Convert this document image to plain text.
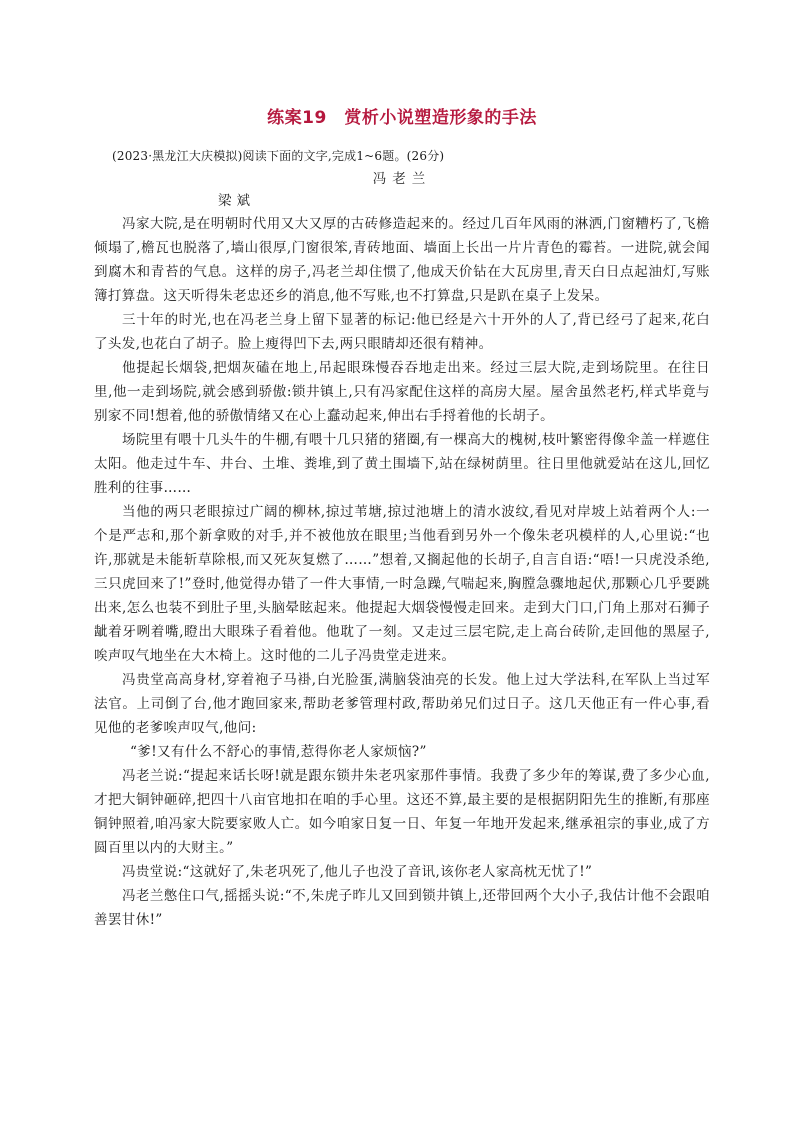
练案19　赏析小说塑造形象的手法
(2023·黑龙江大庆模拟)阅读下面的文字,完成1~6题。(26分)
冯老兰
梁斌

冯家大院,是在明朝时代用又大又厚的古砖修造起来的。经过几百年风雨的淋洒,门窗糟朽了,飞檐倾塌了,檐瓦也脱落了,墙山很厚,门窗很笨,青砖地面、墙面上长出一片片青色的霉苔。一进院,就会闻到腐木和青苔的气息。这样的房子,冯老兰却住惯了,他成天价钻在大瓦房里,青天白日点起油灯,写账簿打算盘。这天听得朱老忠还乡的消息,他不写账,也不打算盘,只是趴在桌子上发呆。

三十年的时光,也在冯老兰身上留下显著的标记:他已经是六十开外的人了,背已经弓了起来,花白了头发,也花白了胡子。脸上瘦得凹下去,两只眼睛却还很有精神。

他提起长烟袋,把烟灰磕在地上,吊起眼珠慢吞吞地走出来。经过三层大院,走到场院里。在往日里,他一走到场院,就会感到骄傲:锁井镇上,只有冯家配住这样的高房大屋。屋舍虽然老朽,样式毕竟与别家不同!想着,他的骄傲情绪又在心上蠢动起来,伸出右手捋着他的长胡子。

场院里有喂十几头牛的牛棚,有喂十几只猪的猪圈,有一棵高大的槐树,枝叶繁密得像伞盖一样遮住太阳。他走过牛车、井台、土堆、粪堆,到了黄土围墙下,站在绿树荫里。往日里他就爱站在这儿,回忆胜利的往事……

当他的两只老眼掠过广阔的柳林,掠过苇塘,掠过池塘上的清水波纹,看见对岸坡上站着两个人:一个是严志和,那个新拿败的对手,并不被他放在眼里;当他看到另外一个像朱老巩模样的人,心里说:“也许,那就是未能斩草除根,而又死灰复燃了……”想着,又搁起他的长胡子,自言自语:“唔!一只虎没杀绝,三只虎回来了!”登时,他觉得办错了一件大事情,一时急躁,气喘起来,胸膛急骤地起伏,那颗心几乎要跳出来,怎么也装不到肚子里,头脑晕眩起来。他提起大烟袋慢慢走回来。走到大门口,门角上那对石狮子龇着牙咧着嘴,瞪出大眼珠子看着他。他耽了一刻。又走过三层宅院,走上高台砖阶,走回他的黑屋子,唉声叹气地坐在大木椅上。这时他的二儿子冯贵堂走进来。

冯贵堂高高身材,穿着袍子马褂,白光脸蛋,满脑袋油亮的长发。他上过大学法科,在军队上当过军法官。上司倒了台,他才跑回家来,帮助老爹管理村政,帮助弟兄们过日子。这几天他正有一件心事,看见他的老爹唉声叹气,他问:

“爹!又有什么不舒心的事情,惹得你老人家烦恼?”

冯老兰说:“提起来话长呀!就是跟东锁井朱老巩家那件事情。我费了多少年的筹谋,费了多少心血,才把大铜钟砸碎,把四十八亩官地扣在咱的手心里。这还不算,最主要的是根据阴阳先生的推断,有那座铜钟照着,咱冯家大院要家败人亡。如今咱家日复一日、年复一年地开发起来,继承祖宗的事业,成了方圆百里以内的大财主。”

冯贵堂说:“这就好了,朱老巩死了,他儿子也没了音讯,该你老人家高枕无忧了!”

冯老兰憋住口气,摇摇头说:“不,朱虎子昨儿又回到锁井镇上,还带回两个大小子,我估计他不会跟咱善罢甘休!”
